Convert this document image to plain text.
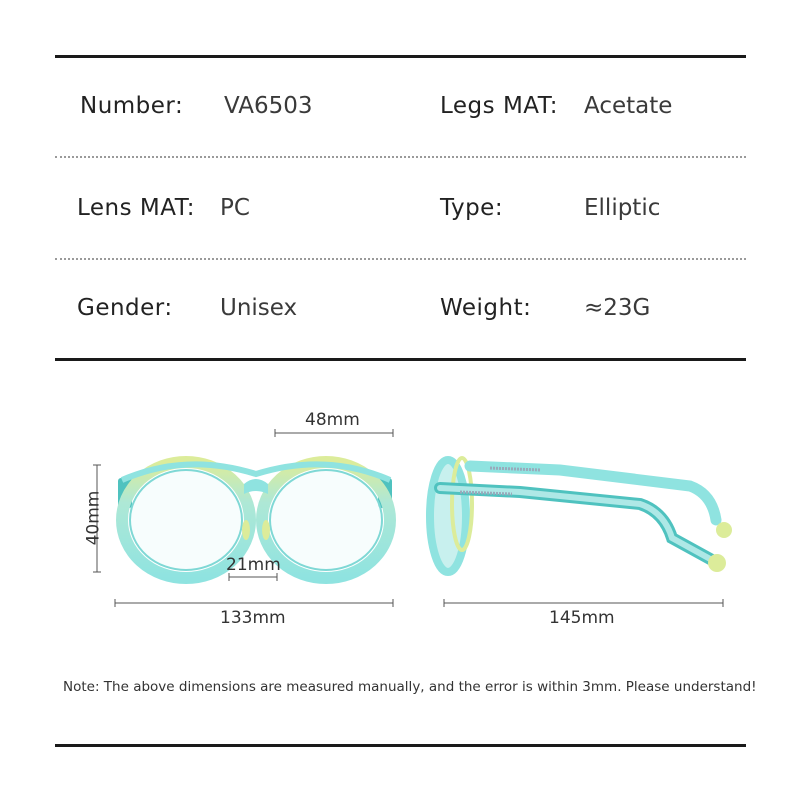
Number: VA6503	Legs MAT: Acetate
Lens MAT: PC	Type:	Elliptic
Gender: Unisex	Weight: ≈23G
48mm
40mm
21mm
133mm	145mm
Note: The above dimensions are measured manually, and the error is within 3mm. Please understand!
